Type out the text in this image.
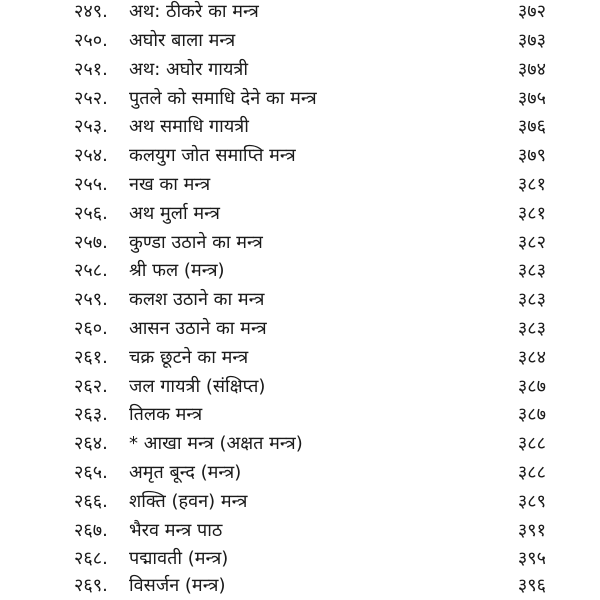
२४९. अथ: ठीकरे का मन्त्र	३७२
२५०. अघोर बाला मन्त्र	३७३
२५१. अथ: अघोर गायत्री	३७४
२५२. पुतले को समाधि देने का मन्त्र	३७५
२५३. अथ समाधि गायत्री	३७६
२५४. कलयुग जोत समाप्ति मन्त्र	३७९
२५५. नख का मन्त्र	३८१
२५६. अथ मुर्ला मन्त्र	३८१
२५७. कुण्डा उठाने का मन्त्र	३८२
२५८. श्री फल (मन्त्र)	३८३
२५९. कलश उठाने का मन्त्र	३८३
२६०. आसन उठाने का मन्त्र	३८३
२६१. चक्र छूटने का मन्त्र	३८४
२६२. जल गायत्री (संक्षिप्त)	३८७
२६३. तिलक मन्त्र	३८७
२६४. * आखा मन्त्र (अक्षत मन्त्र)	३८८
२६५. अमृत बून्द (मन्त्र)	३८८
२६६. शक्ति (हवन) मन्त्र	३८९
२६७. भैरव मन्त्र पाठ	३९१
२६८. पद्मावती (मन्त्र)	३९५
२६९. विसर्जन (मन्त्र)	३९६
